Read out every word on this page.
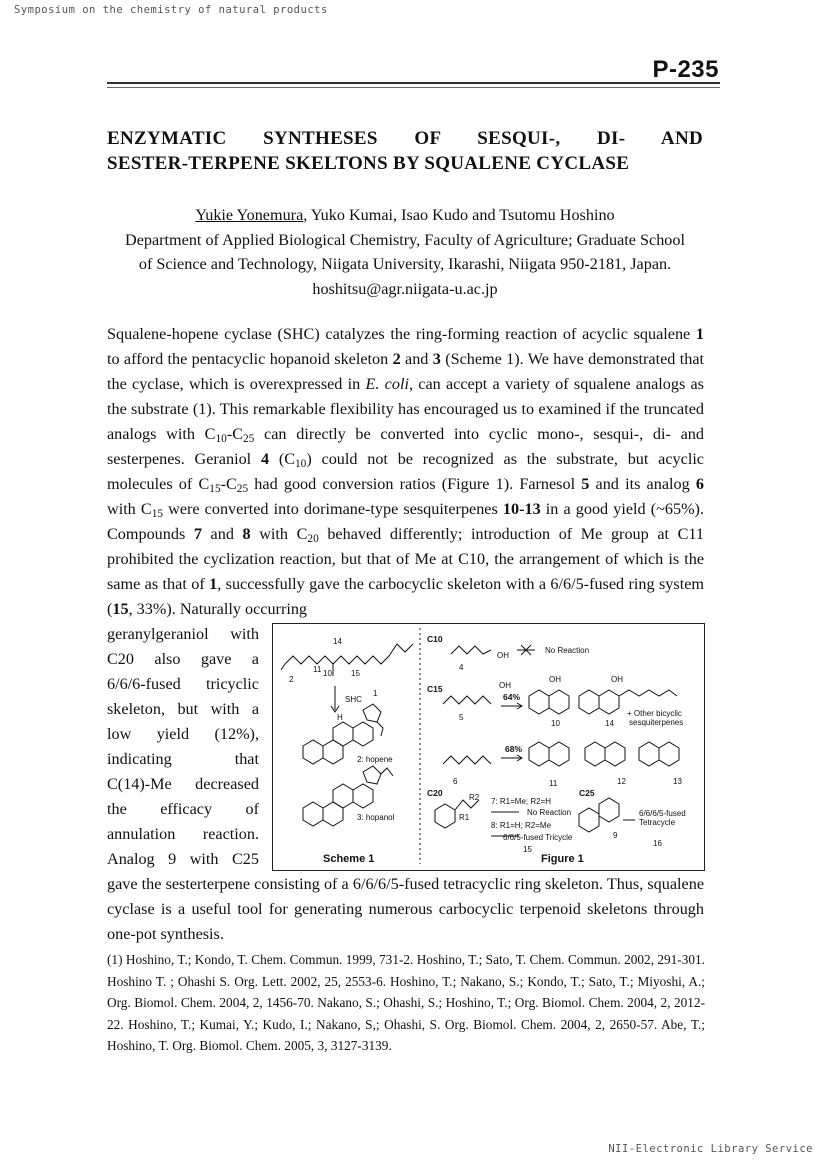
Symposium on the chemistry of natural products
P-235
ENZYMATIC SYNTHESES OF SESQUI-, DI- AND
SESTER-TERPENE SKELTONS BY SQUALENE CYCLASE
Yukie Yonemura, Yuko Kumai, Isao Kudo and Tsutomu Hoshino
Department of Applied Biological Chemistry, Faculty of Agriculture; Graduate School
of Science and Technology, Niigata University, Ikarashi, Niigata 950-2181, Japan.
hoshitsu@agr.niigata-u.ac.jp
Squalene-hopene cyclase (SHC) catalyzes the ring-forming reaction of acyclic squalene 1 to afford the pentacyclic hopanoid skeleton 2 and 3 (Scheme 1). We have demonstrated that the cyclase, which is overexpressed in E. coli, can accept a variety of squalene analogs as the substrate (1). This remarkable flexibility has encouraged us to examined if the truncated analogs with $C_{10}-C_{25}$ can directly be converted into cyclic mono-, sesqui-, di- and sesterpenes. Geraniol 4 $(C_{10})$ could not be recognized as the substrate, but acyclic molecules of $C_{15}-C_{25}$ had good conversion ratios (Figure 1). Farnesol 5 and its analog 6 with $C_{15}$ were converted into dorimane-type sesquiterpenes 10-13 in a good yield (~65%). Compounds 7 and 8 with $C_{20}$ behaved differently; introduction of Me group at C11 prohibited the cyclization reaction, but that of Me at C10, the arrangement of which is the same as that of 1, successfully gave the carbocyclic skeleton with a 6/6/5-fused ring system (15, 33%). Naturally occurring
geranylgeraniol with
C20 also gave a
6/6/6-fused tricyclic
skeleton, but with a
low yield (12%),
indicating that
C(14)-Me decreased
the efficacy of
annulation reaction.
Analog 9 with C25
14
11 10 15
2
1
SHC
2: hopene
H
3: hopanol
Scheme 1
C10
4
OH
No Reaction
C15
5
OH
64%
OH
10
OH
14
+ Other bicyclic
sesquiterpenes
6
68%
11	12	13
C20
R1
R2 7: R1=Me; R2=H
No Reaction
8: R1=H; R2=Me
6/6/5-fused Tricycle
15
C25
9
6/6/6/5-fused
Tetracycle
16
Figure 1
gave the sesterterpene consisting of a 6/6/6/5-fused tetracyclic ring skeleton. Thus, squalene cyclase is a useful tool for generating numerous carbocyclic terpenoid skeletons through one-pot synthesis.
(1) Hoshino, T.; Kondo, T. Chem. Commun. 1999, 731-2. Hoshino, T.; Sato, T. Chem. Commun. 2002, 291-301. Hoshino T. ; Ohashi S. Org. Lett. 2002, 25, 2553-6. Hoshino, T.; Nakano, S.; Kondo, T.; Sato, T.; Miyoshi, A.; Org. Biomol. Chem. 2004, 2, 1456-70. Nakano, S.; Ohashi, S.; Hoshino, T.; Org. Biomol. Chem. 2004, 2, 2012-22. Hoshino, T.; Kumai, Y.; Kudo, I.; Nakano, S,; Ohashi, S. Org. Biomol. Chem. 2004, 2, 2650-57. Abe, T.; Hoshino, T. Org. Biomol. Chem. 2005, 3, 3127-3139.
NII-Electronic Library Service
